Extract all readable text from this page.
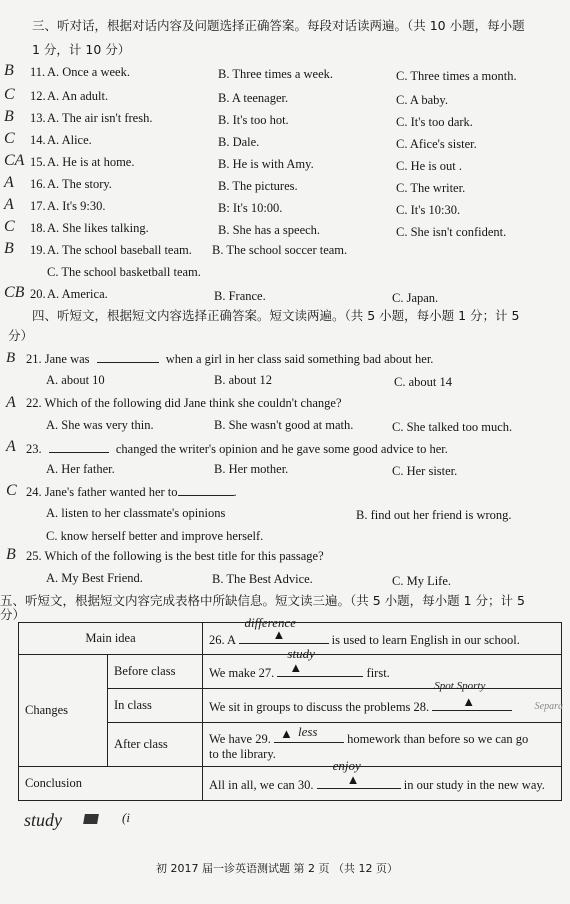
三、听对话，根据对话内容及问题选择正确答案。每段对话读两遍。（共 10 小题，每小题
1 分，计 10 分）
B 11. A. Once a week.	B. Three times a week.	C. Three times a month.
C 12. A. An adult.	B. A teenager.	C. A baby.
B 13. A. The air isn't fresh.	B. It's too hot.	C. It's too dark.
C 14. A. Alice.	B. Dale.	C. Afice's sister.
CA 15. A. He is at home.	B. He is with Amy.	C. He is out .
A 16. A. The story.	B. The pictures.	C. The writer.
A 17. A. It's 9:30.	B: It's 10:00.	C. It's 10:30.
C 18. A. She likes talking.	B. She has a speech.	C. She isn't confident.
B 19. A. The school baseball team. B. The school soccer team.
C. The school basketball team.
CB 20. A. America.	B. France.	C. Japan.
四、听短文，根据短文内容选择正确答案。短文读两遍。（共 5 小题，每小题 1 分；计 5
分）
B 21. Jane was	when a girl in her class said something bad about her.
A. about 10	B. about 12	C. about 14
A 22. Which of the following did Jane think she couldn't change?
A. She was very thin.	B. She wasn't good at math.	C. She talked too much.
A 23.	changed the writer's opinion and he gave some good advice to her.
A. Her father.	B. Her mother.	C. Her sister.
C 24. Jane's father wanted her to	.
A. listen to her classmate's opinions	B. find out her friend is wrong.
C. know herself better and improve herself.
B 25. Which of the following is the best title for this passage?
A. My Best Friend.	B. The Best Advice.	C. My Life.
五、听短文，根据短文内容完成表格中所缺信息。短文读三遍。（共 5 小题，每小题 1 分；计 5
分）
Main idea		26. A
difference
▲ is used to learn English in our school.
Changes	Before class	We make 27.
study
▲ first.
	In class	We sit in groups to discuss the problems 28.
Spot Sporty
▲ Separa

	After class	We have 29. ▲ less homework than before so we can go
to the library.
Conclusion		All in all, we can 30.
enjoy
▲ in our study in the new way.
study	(i
初 2017 届一诊英语测试题 第 2 页 （共 12 页）
